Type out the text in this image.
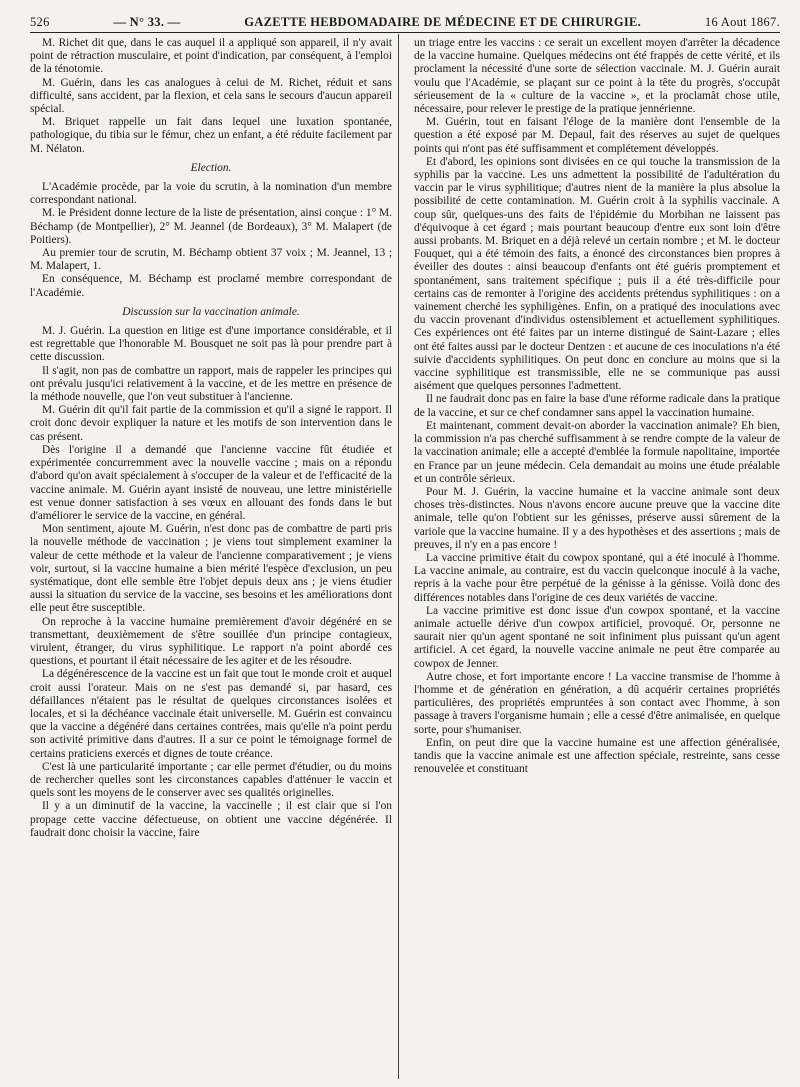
526	— N° 33. —	GAZETTE HEBDOMADAIRE DE MÉDECINE ET DE CHIRURGIE.	16 Aout 1867.

M. Richet dit que, dans le cas auquel il a appliqué son appareil, il n'y avait point de rétraction musculaire, et point d'indication, par conséquent, à l'emploi de la ténotomie.

M. Guérin, dans les cas analogues à celui de M. Richet, réduit et sans difficulté, sans accident, par la flexion, et cela sans le secours d'aucun appareil spécial.

M. Briquet rappelle un fait dans lequel une luxation spontanée, pathologique, du tibia sur le fémur, chez un enfant, a été réduite facilement par M. Nélaton.

Election.

L'Académie procède, par la voie du scrutin, à la nomination d'un membre correspondant national.

M. le Président donne lecture de la liste de présentation, ainsi conçue : 1° M. Béchamp (de Montpellier), 2° M. Jeannel (de Bordeaux), 3° M. Malapert (de Poitiers).

Au premier tour de scrutin, M. Béchamp obtient 37 voix ; M. Jeannel, 13 ; M. Malapert, 1.

En conséquence, M. Béchamp est proclamé membre correspondant de l'Académie.

Discussion sur la vaccination animale.

M. J. Guérin. La question en litige est d'une importance considérable, et il est regrettable que l'honorable M. Bousquet ne soit pas là pour prendre part à cette discussion.

Il s'agit, non pas de combattre un rapport, mais de rappeler les principes qui ont prévalu jusqu'ici relativement à la vaccine, et de les mettre en présence de la méthode nouvelle, que l'on veut substituer à l'ancienne.

M. Guérin dit qu'il fait partie de la commission et qu'il a signé le rapport. Il croit donc devoir expliquer la nature et les motifs de son intervention dans le cas présent.

Dès l'origine il a demandé que l'ancienne vaccine fût étudiée et expérimentée concurremment avec la nouvelle vaccine ; mais on a répondu d'abord qu'on avait spécialement à s'occuper de la valeur et de l'efficacité de la vaccine animale. M. Guérin ayant insisté de nouveau, une lettre ministérielle est venue donner satisfaction à ses vœux en allouant des fonds dans le but d'améliorer le service de la vaccine, en général.

Mon sentiment, ajoute M. Guérin, n'est donc pas de combattre de parti pris la nouvelle méthode de vaccination ; je viens tout simplement examiner la valeur de cette méthode et la valeur de l'ancienne comparativement ; je viens voir, surtout, si la vaccine humaine a bien mérité l'espèce d'exclusion, un peu systématique, dont elle semble être l'objet depuis deux ans ; je viens étudier aussi la situation du service de la vaccine, ses besoins et les améliorations dont elle peut être susceptible.

On reproche à la vaccine humaine premièrement d'avoir dégénéré en se transmettant, deuxièmement de s'être souillée d'un principe contagieux, virulent, étranger, du virus syphilitique. Le rapport n'a point abordé ces questions, et pourtant il était nécessaire de les agiter et de les résoudre.

La dégénérescence de la vaccine est un fait que tout le monde croit et auquel croit aussi l'orateur. Mais on ne s'est pas demandé si, par hasard, ces défaillances n'étaient pas le résultat de quelques circonstances isolées et locales, et si la déchéance vaccinale était universelle. M. Guérin est convaincu que la vaccine a dégénéré dans certaines contrées, mais qu'elle n'a point perdu son activité primitive dans d'autres. Il a sur ce point le témoignage formel de certains praticiens exercés et dignes de toute créance.

C'est là une particularité importante ; car elle permet d'étudier, ou du moins de rechercher quelles sont les circonstances capables d'atténuer le vaccin et quels sont les moyens de le conserver avec ses qualités originelles.

Il y a un diminutif de la vaccine, la vaccinelle ; il est clair que si l'on propage cette vaccine défectueuse, on obtient une vaccine dégénérée. Il faudrait donc choisir la vaccine, faire

un triage entre les vaccins : ce serait un excellent moyen d'arrêter la décadence de la vaccine humaine. Quelques médecins ont été frappés de cette vérité, et ils proclament la nécessité d'une sorte de sélection vaccinale. M. J. Guérin aurait voulu que l'Académie, se plaçant sur ce point à la tête du progrès, s'occupât sérieusement de la « culture de la vaccine », et la proclamât chose utile, nécessaire, pour relever le prestige de la pratique jennérienne.

M. Guérin, tout en faisant l'éloge de la manière dont l'ensemble de la question a été exposé par M. Depaul, fait des réserves au sujet de quelques points qui n'ont pas été suffisamment et complétement développés.

Et d'abord, les opinions sont divisées en ce qui touche la transmission de la syphilis par la vaccine. Les uns admettent la possibilité de l'adultération du vaccin par le virus syphilitique; d'autres nient de la manière la plus absolue la possibilité de cette contamination. M. Guérin croit à la syphilis vaccinale. A coup sûr, quelques-uns des faits de l'épidémie du Morbihan ne laissent pas d'équivoque à cet égard ; mais pourtant beaucoup d'entre eux sont loin d'être aussi probants. M. Briquet en a déjà relevé un certain nombre ; et M. le docteur Fouquet, qui a été témoin des faits, a énoncé des circonstances bien propres à éveiller des doutes : ainsi beaucoup d'enfants ont été guéris promptement et spontanément, sans traitement spécifique ; puis il a été très-difficile pour certains cas de remonter à l'origine des accidents prétendus syphilitiques : on a vainement cherché les syphiligènes. Enfin, on a pratiqué des inoculations avec du vaccin provenant d'individus ostensiblement et actuellement syphilitiques. Ces expériences ont été faites par un interne distingué de Saint-Lazare ; elles ont été faites aussi par le docteur Dentzen : et aucune de ces inoculations n'a été suivie d'accidents syphilitiques. On peut donc en conclure au moins que si la vaccine syphilitique est transmissible, elle ne se communique pas aussi aisément que quelques personnes l'admettent.

Il ne faudrait donc pas en faire la base d'une réforme radicale dans la pratique de la vaccine, et sur ce chef condamner sans appel la vaccination humaine.

Et maintenant, comment devait-on aborder la vaccination animale? Eh bien, la commission n'a pas cherché suffisamment à se rendre compte de la valeur de la vaccination animale; elle a accepté d'emblée la formule napolitaine, importée en France par un jeune médecin. Cela demandait au moins une étude préalable et un contrôle sérieux.

Pour M. J. Guérin, la vaccine humaine et la vaccine animale sont deux choses très-distinctes. Nous n'avons encore aucune preuve que la vaccine dite animale, telle qu'on l'obtient sur les génisses, préserve aussi sûrement de la variole que la vaccine humaine. Il y a des hypothèses et des assertions ; mais de preuves, il n'y en a pas encore !

La vaccine primitive était du cowpox spontané, qui a été inoculé à l'homme. La vaccine animale, au contraire, est du vaccin quelconque inoculé à la vache, repris à la vache pour être perpétué de la génisse à la génisse. Voilà donc des différences notables dans l'origine de ces deux variétés de vaccine.

La vaccine primitive est donc issue d'un cowpox spontané, et la vaccine animale actuelle dérive d'un cowpox artificiel, provoqué. Or, personne ne saurait nier qu'un agent spontané ne soit infiniment plus puissant qu'un agent artificiel. A cet égard, la nouvelle vaccine animale ne peut être comparée au cowpox de Jenner.

Autre chose, et fort importante encore ! La vaccine transmise de l'homme à l'homme et de génération en génération, a dû acquérir certaines propriétés particulières, des propriétés empruntées à son contact avec l'homme, à son passage à travers l'organisme humain ; elle a cessé d'être animalisée, en quelque sorte, pour s'humaniser.

Enfin, on peut dire que la vaccine humaine est une affection généralisée, tandis que la vaccine animale est une affection spéciale, restreinte, sans cesse renouvelée et constituant
